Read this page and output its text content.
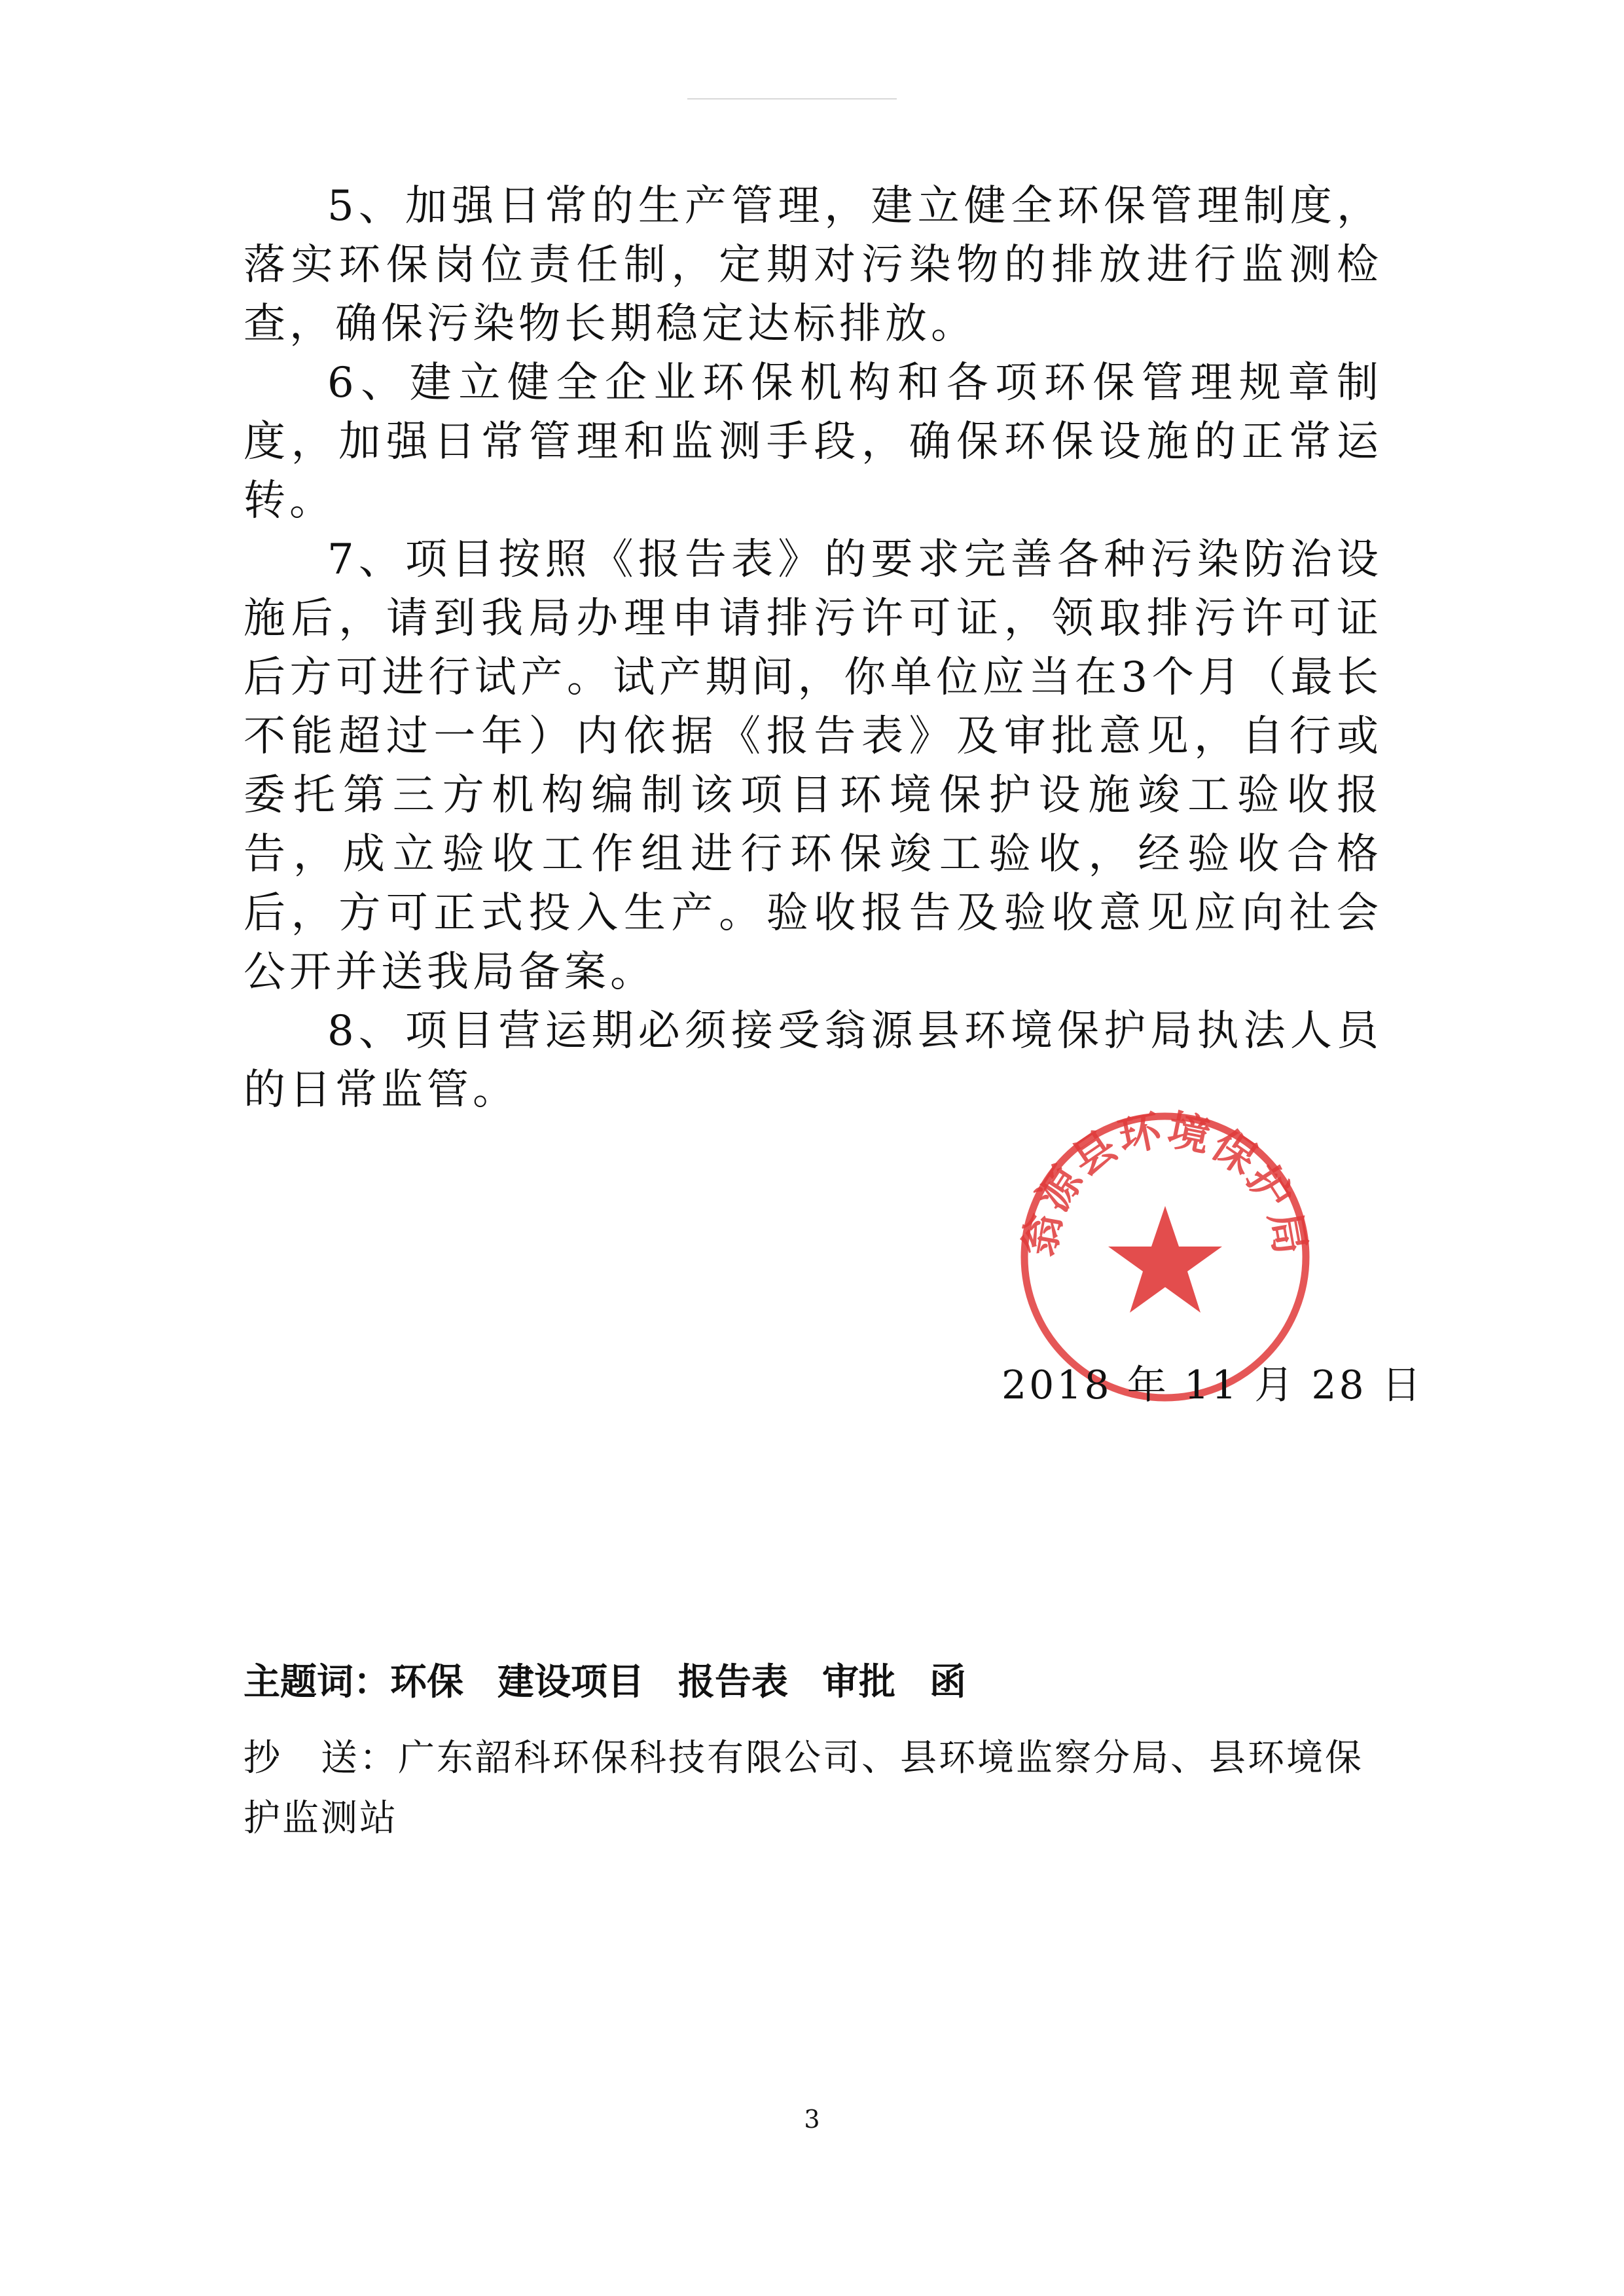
5、加强日常的生产管理，建立健全环保管理制度，落实环保岗位责任制，定期对污染物的排放进行监测检查，确保污染物长期稳定达标排放。

6、建立健全企业环保机构和各项环保管理规章制度，加强日常管理和监测手段，确保环保设施的正常运转。

7、项目按照《报告表》的要求完善各种污染防治设施后，请到我局办理申请排污许可证，领取排污许可证后方可进行试产。试产期间，你单位应当在3个月（最长不能超过一年）内依据《报告表》及审批意见，自行或委托第三方机构编制该项目环境保护设施竣工验收报告，成立验收工作组进行环保竣工验收，经验收合格后，方可正式投入生产。验收报告及验收意见应向社会公开并送我局备案。

8、项目营运期必须接受翁源县环境保护局执法人员的日常监管。

翁源县环境保护局
2018 年 11 月 28 日
主题词：环保 建设项目 报告表 审批 函
抄　送：广东韶科环保科技有限公司、县环境监察分局、县环境保护监测站
3
